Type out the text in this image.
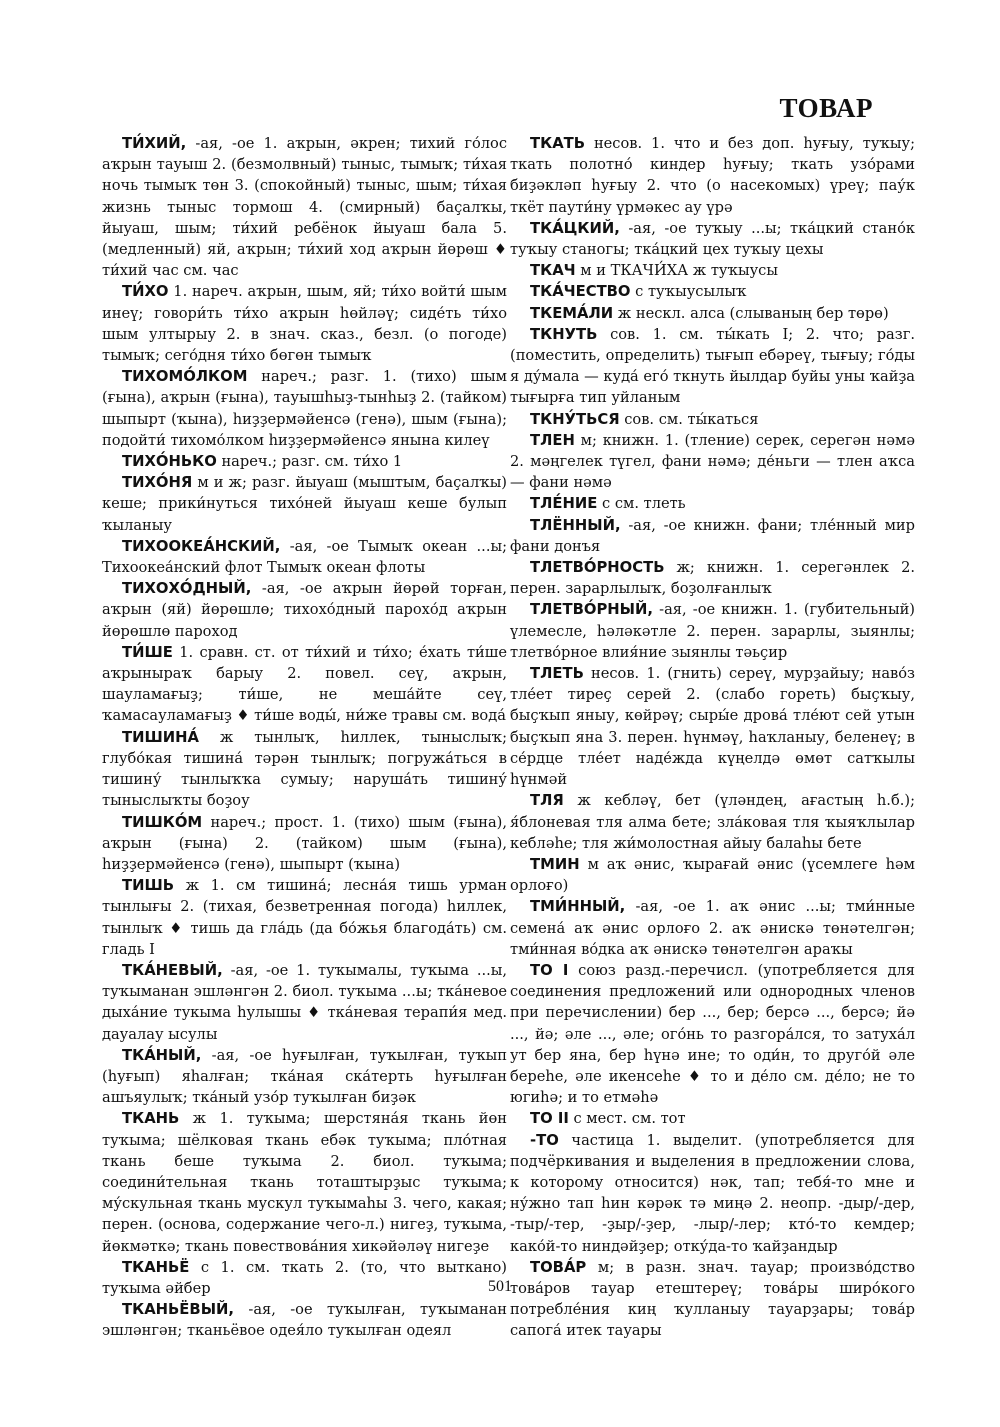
ТОВАР

ТИ́ХИЙ, -ая, -ое 1. аҡрын, әкрен; тихий го́лос аҡрын тауыш 2. (безмолвный) тыныс, тымыҡ; ти́хая ночь тымыҡ төн 3. (спокойный) тыныс, шым; ти́хая жизнь тыныс тормош 4. (смирный) баҫалҡы, йыуаш, шым; ти́хий ребёнок йыуаш бала 5. (медленный) яй, аҡрын; ти́хий ход аҡрын йөрөш ♦ ти́хий час см. час

ТИ́ХО 1. нареч. аҡрын, шым, яй; ти́хо войти́ шым инеү; говори́ть ти́хо аҡрын һөйләү; сиде́ть ти́хо шым ултырыу 2. в знач. сказ., безл. (о погоде) тымыҡ; сего́дня ти́хо бөгөн тымыҡ

ТИХОМО́ЛКОМ нареч.; разг. 1. (тихо) шым (ғына), аҡрын (ғына), тауышһыҙ-тынһыҙ 2. (тайком) шыпырт (ҡына), һиҙҙермәйенсә (генә), шым (ғына); подойти́ тихомо́лком һиҙҙермәйенсә янына килеү

ТИХО́НЬКО нареч.; разг. см. ти́хо 1

ТИХО́НЯ м и ж; разг. йыуаш (мыштым, баҫалҡы) кеше; прики́нуться тихо́ней йыуаш кеше булып ҡыланыу

ТИХООКЕА́НСКИЙ, -ая, -ое Тымыҡ океан ...ы; Тихоокеа́нский флот Тымыҡ океан флоты

ТИХОХО́ДНЫЙ, -ая, -ое аҡрын йөрөй торған, аҡрын (яй) йөрөшлө; тихохо́дный парохо́д аҡрын йөрөшлө пароход

ТИ́ШЕ 1. сравн. ст. от ти́хий и ти́хо; е́хать ти́ше аҡрыныраҡ барыу 2. повел. сеү, аҡрын, шауламағыҙ; ти́ше, не меша́йте сеү, ҡамасауламағыҙ ♦ ти́ше воды́, ни́же травы см. вода́

ТИШИНА́ ж тынлыҡ, һиллек, тыныслыҡ; глубо́кая тишина́ тәрән тынлыҡ; погружа́ться в тишину́ тынлыҡҡа сумыу; наруша́ть тишину́ тыныслыҡты боҙоу

ТИШКО́М нареч.; прост. 1. (тихо) шым (ғына), аҡрын (ғына) 2. (тайком) шым (ғына), һиҙҙермәйенсә (генә), шыпырт (ҡына)

ТИШЬ ж 1. см тишина́; лесна́я тишь урман тынлығы 2. (тихая, безветренная погода) һиллек, тынлыҡ ♦ тишь да гла́дь (да бо́жья благода́ть) см. гладь I

ТКА́НЕВЫЙ, -ая, -ое 1. туҡымалы, туҡыма ...ы, туҡыманан эшләнгән 2. биол. туҡыма ...ы; тка́невое дыха́ние тукыма һулышы ♦ тка́невая терапи́я мед. дауалау ысулы

ТКА́НЫЙ, -ая, -ое һуғылған, туҡылған, туҡып (һуғып) яһалған; тка́ная ска́терть һуғылған ашъяулыҡ; тка́ный узо́р туҡылған биҙәк

ТКАНЬ ж 1. туҡыма; шерстяна́я ткань йөн туҡыма; шёлковая ткань ебәк туҡыма; пло́тная ткань беше туҡыма 2. биол. туҡыма; соедини́тельная ткань тоташтырҙыс туҡыма; му́скульная ткань мускул туҡымаһы 3. чего, какая; перен. (основа, содержание чего-л.) нигеҙ, туҡыма, йөкмәткә; ткань повествова́ния хикәйәләү нигеҙе

ТКАНЬЁ с 1. см. ткать 2. (то, что выткано) туҡыма әйбер

ТКАНЬЁВЫЙ, -ая, -ое туҡылған, туҡыманан эшләнгән; тканьёвое одея́ло туҡылған одеял

ТКАТЬ несов. 1. что и без доп. һуғыу, туҡыу; ткать полотно́ киндер һуғыу; ткать узо́рами биҙәкләп һуғыу 2. что (о насекомых) үреү; пау́к ткёт паути́ну үрмәкес ау үрә

ТКА́ЦКИЙ, -ая, -ое туҡыу ...ы; тка́цкий стано́к туҡыу станогы; тка́цкий цех туҡыу цехы

ТКАЧ м и ТКАЧИ́ХА ж туҡыусы

ТКА́ЧЕСТВО с туҡыусылыҡ

ТКЕМА́ЛИ ж нескл. алса (слываның бер төрө)

ТКНУТЬ сов. 1. см. ты́кать I; 2. что; разг. (поместить, определить) тығып ебәреү, тығыу; го́ды я ду́мала — куда́ его́ ткнуть йылдар буйы уны ҡайҙа тығырға тип уйланым

ТКНУ́ТЬСЯ сов. см. ты́каться

ТЛЕН м; книжн. 1. (тление) серек, серегән нәмә 2. мәңгелек түгел, фани нәмә; де́ньги — тлен аҡса — фани нәмә

ТЛЕ́НИЕ с см. тлеть

ТЛЁННЫЙ, -ая, -ое книжн. фани; тле́нный мир фани донъя

ТЛЕТВО́РНОСТЬ ж; книжн. 1. серегәнлек 2. перен. зарарлылыҡ, боҙолғанлыҡ

ТЛЕТВО́РНЫЙ, -ая, -ое книжн. 1. (губительный) үлемесле, һәләкәтле 2. перен. зарарлы, зыянлы; тлетво́рное влия́ние зыянлы тәьҫир

ТЛЕТЬ несов. 1. (гнить) сереү, мурҙайыу; наво́з тле́ет тиреҫ серей 2. (слабо гореть) быҫҡыу, быҫҡып яныу, көйрәү; сыры́е дрова́ тле́ют сей утын быҫҡып яна 3. перен. һүнмәү, һаҡланыу, беленеү; в се́рдце тле́ет наде́жда күңелдә өмөт сатҡылы һүнмәй

ТЛЯ ж кебләү, бет (үләндең, ағастың һ.б.); я́блоневая тля алма бете; зла́ковая тля ҡыяҡлылар кебләһе; тля жи́молостная айыу балаһы бете

ТМИН м аҡ әнис, ҡырағай әнис (үсемлеге һәм орлоғо)

ТМИ́ННЫЙ, -ая, -ое 1. аҡ әнис ...ы; тми́нные семена́ аҡ әнис орлоғо 2. аҡ әнискә төнәтелгән; тми́нная во́дка аҡ әнискә төнәтелгән араҡы

ТО I союз разд.-перечисл. (употребляется для соединения предложений или однородных членов при перечислении) бер ..., бер; берсә ..., берсә; йә ..., йә; әле ..., әле; ого́нь то разгора́лся, то затуха́л ут бер яна, бер һүнә ине; то оди́н, то друго́й әле береһе, әле икенсеһе ♦ то и де́ло см. де́ло; не то югиһә; и то етмәһә

ТО II с мест. см. тот

-ТО частица 1. выделит. (употребляется для подчёркивания и выделения в предложении слова, к которому относится) нәк, тап; тебя́-то мне и ну́жно тап һин кәрәк тә миңә 2. неопр. -дыр/-дер, -тыр/-тер, -ҙыр/-ҙер, -лыр/-лер; кто́-то кемдер; како́й-то ниндәйҙер; отку́да-то ҡайҙандыр

ТОВА́Р м; в разн. знач. тауар; произво́дство това́ров тауар етештереү; това́ры широ́кого потребле́ния киң ҡулланыу тауарҙары; това́р сапога́ итек тауары

501
